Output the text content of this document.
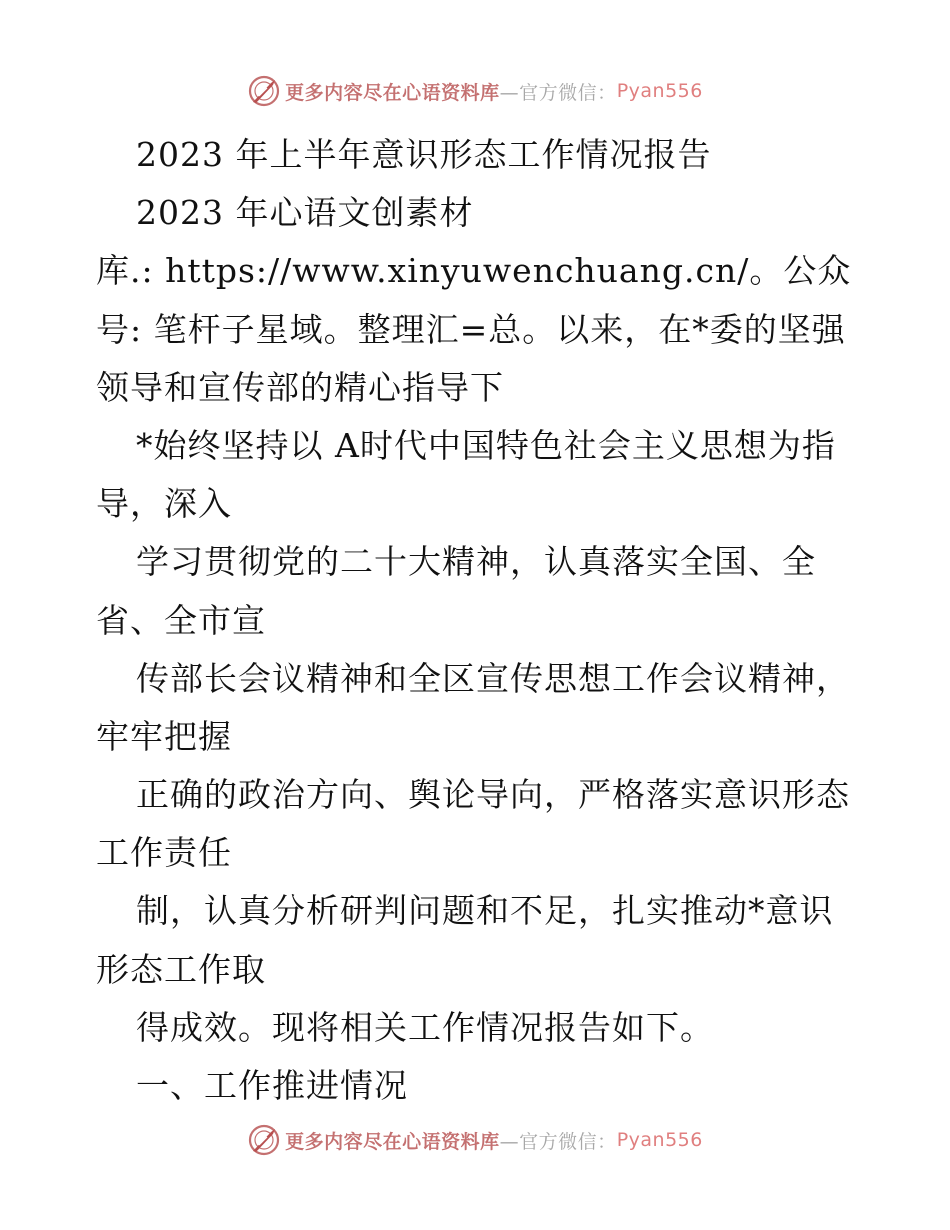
更多内容尽在心语资料库 —官方微信： Pyan556
2023 年上半年意识形态工作情况报告
2023 年心语文创素材
库.: https://www.xinyuwenchuang.cn/。公众
号: 笔杆子星域。整理汇=总。以来，在*委的坚强
领导和宣传部的精心指导下
*始终坚持以 A时代中国特色社会主义思想为指
导，深入
学习贯彻党的二十大精神，认真落实全国、全
省、全市宣
传部长会议精神和全区宣传思想工作会议精神，
牢牢把握
正确的政治方向、舆论导向，严格落实意识形态
工作责任
制，认真分析研判问题和不足，扎实推动*意识
形态工作取
得成效。现将相关工作情况报告如下。
一、工作推进情况
更多内容尽在心语资料库 —官方微信： Pyan556
